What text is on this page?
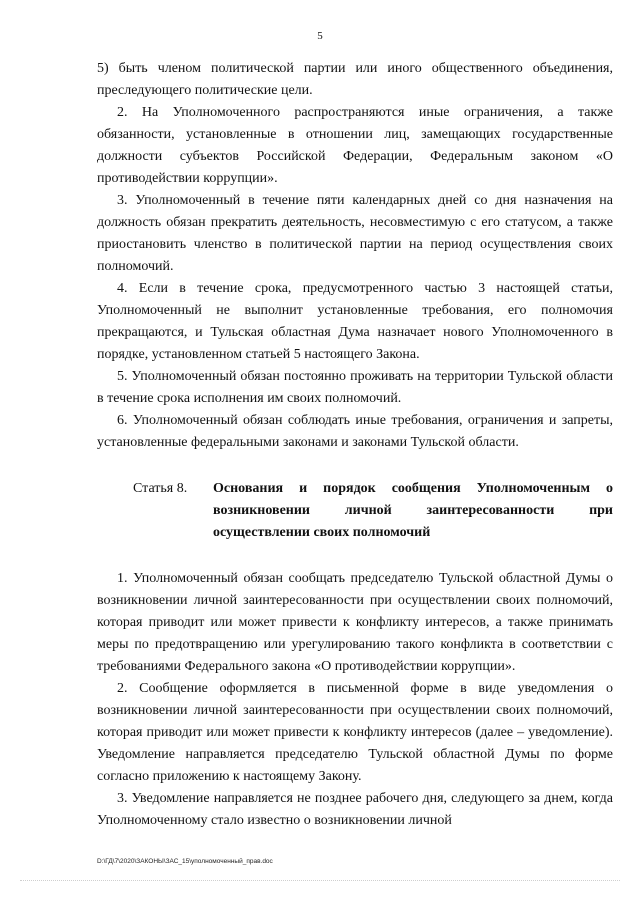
5

5) быть членом политической партии или иного общественного объединения, преследующего политические цели.

2. На Уполномоченного распространяются иные ограничения, а также обязанности, установленные в отношении лиц, замещающих государственные должности субъектов Российской Федерации, Федеральным законом «О противодействии коррупции».

3. Уполномоченный в течение пяти календарных дней со дня назначения на должность обязан прекратить деятельность, несовместимую с его статусом, а также приостановить членство в политической партии на период осуществления своих полномочий.

4. Если в течение срока, предусмотренного частью 3 настоящей статьи, Уполномоченный не выполнит установленные требования, его полномочия прекращаются, и Тульская областная Дума назначает нового Уполномоченного в порядке, установленном статьей 5 настоящего Закона.

5. Уполномоченный обязан постоянно проживать на территории Тульской области в течение срока исполнения им своих полномочий.

6. Уполномоченный обязан соблюдать иные требования, ограничения и запреты, установленные федеральными законами и законами Тульской области.

Статья 8.	Основания и порядок сообщения Уполномоченным о возникновении личной заинтересованности при осуществлении своих полномочий

1. Уполномоченный обязан сообщать председателю Тульской областной Думы о возникновении личной заинтересованности при осуществлении своих полномочий, которая приводит или может привести к конфликту интересов, а также принимать меры по предотвращению или урегулированию такого конфликта в соответствии с требованиями Федерального закона «О противодействии коррупции».

2. Сообщение оформляется в письменной форме в виде уведомления о возникновении личной заинтересованности при осуществлении своих полномочий, которая приводит или может привести к конфликту интересов (далее – уведомление). Уведомление направляется председателю Тульской областной Думы по форме согласно приложению к настоящему Закону.

3. Уведомление направляется не позднее рабочего дня, следующего за днем, когда Уполномоченному стало известно о возникновении личной

D:\ГД\7\2020\ЗАКОНЫ\ЗАС_15\уполномоченный_прав.doc
